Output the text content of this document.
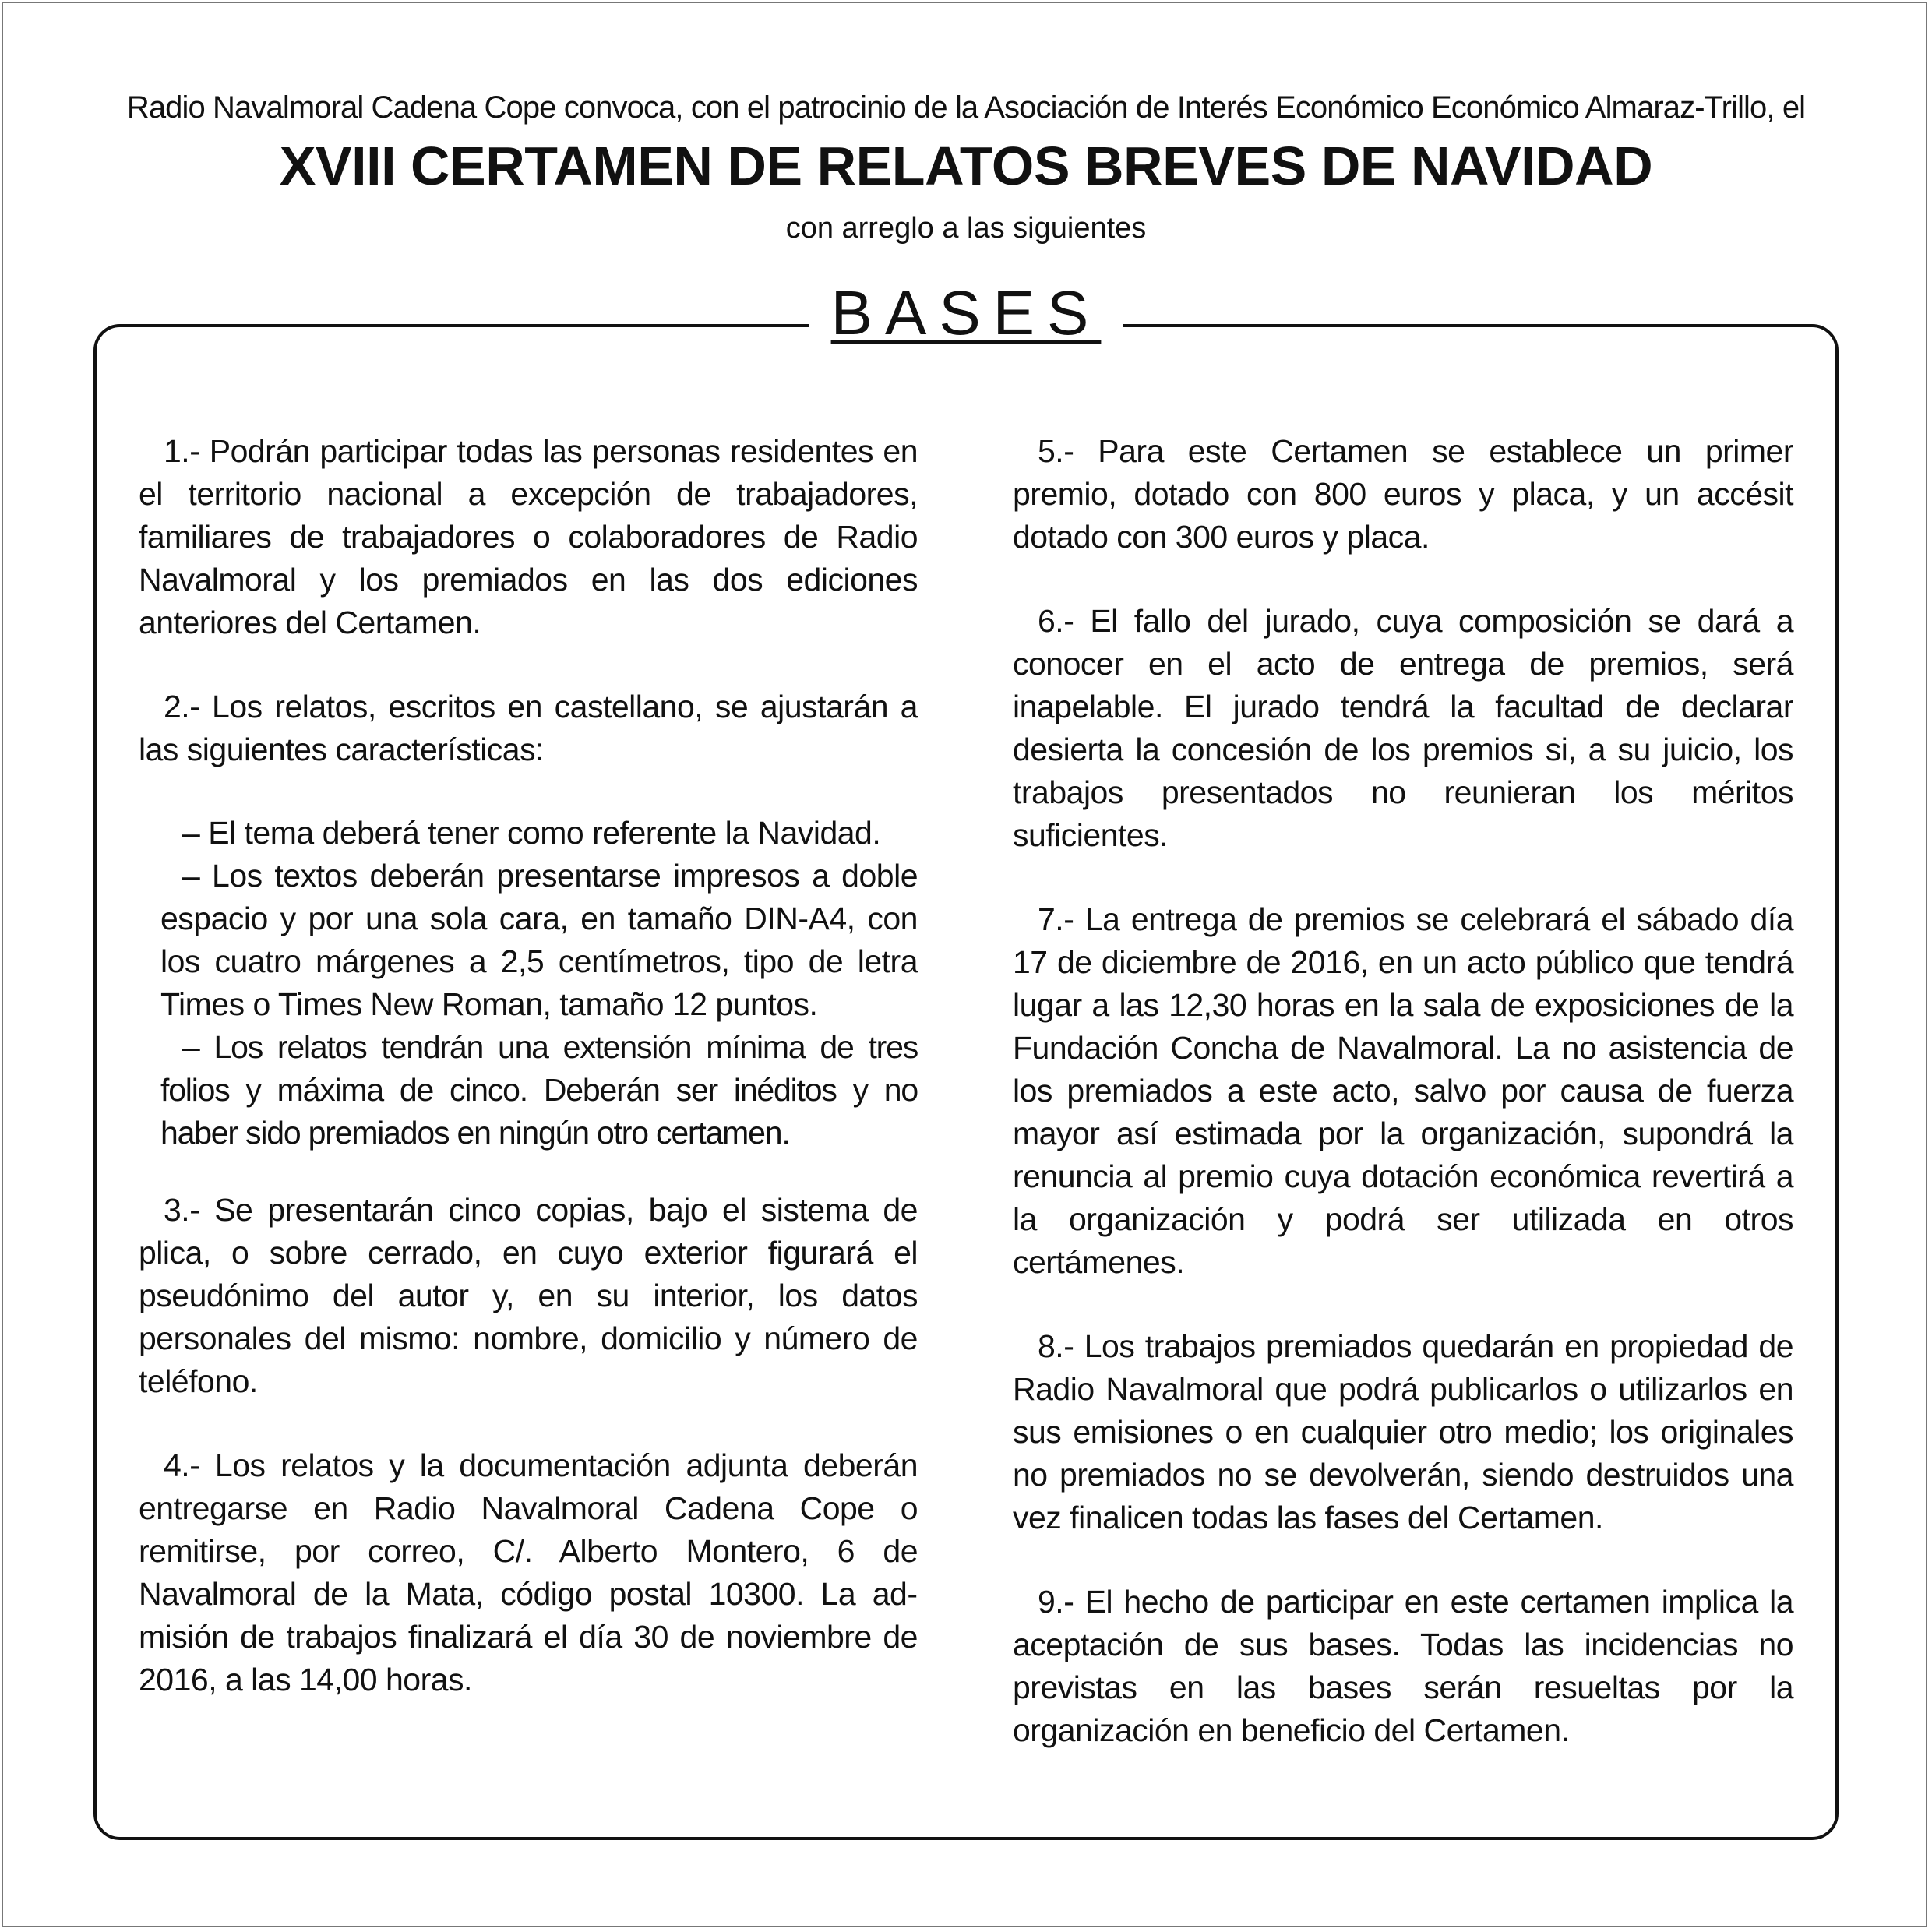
Radio Navalmoral Cadena Cope convoca, con el patrocinio de la Asociación de Interés Económico Económico Almaraz-Trillo, el
XVIII CERTAMEN DE RELATOS BREVES DE NAVIDAD
con arreglo a las siguientes
BASES

1.- Podrán participar todas las personas residentes en el territorio nacional a excepción de trabajadores, familiares de trabajadores o colaboradores de Radio Navalmoral y los premiados en las dos ediciones anteriores del Certamen.

2.- Los relatos, escritos en castellano, se ajustarán a las siguientes características:

– El tema deberá tener como referente la Navidad.

– Los textos deberán presentarse impresos a doble espacio y por una sola cara, en tamaño DIN-A4, con los cuatro márgenes a 2,5 centímetros, tipo de letra Times o Times New Roman, tamaño 12 puntos.

– Los relatos tendrán una extensión mínima de tres folios y máxima de cinco. Deberán ser inéditos y no haber sido premiados en ningún otro certamen.

3.- Se presentarán cinco copias, bajo el sistema de plica, o sobre cerrado, en cuyo exterior figurará el pseudónimo del autor y, en su interior, los datos personales del mismo: nombre, domicilio y número de teléfono.

4.- Los relatos y la documentación adjunta deberán entregarse en Radio Navalmoral Cadena Cope o remitirse, por correo, C/. Alberto Montero, 6 de Navalmoral de la Mata, código postal 10300. La admisión de trabajos finalizará el día 30 de noviembre de 2016, a las 14,00 horas.

5.- Para este Certamen se establece un primer premio, dotado con 800 euros y placa, y un accésit dotado con 300 euros y placa.

6.- El fallo del jurado, cuya composición se dará a conocer en el acto de entrega de premios, será inapelable. El jurado tendrá la facultad de declarar desierta la concesión de los premios si, a su juicio, los trabajos presentados no reunieran los méritos suficientes.

7.- La entrega de premios se celebrará el sábado día 17 de diciembre de 2016, en un acto público que tendrá lugar a las 12,30 horas en la sala de exposiciones de la Fundación Concha de Navalmoral. La no asistencia de los premiados a este acto, salvo por causa de fuerza mayor así estimada por la organización, supondrá la renuncia al premio cuya dotación económica revertirá a la organización y podrá ser utilizada en otros certámenes.

8.- Los trabajos premiados quedarán en propiedad de Radio Navalmoral que podrá publicarlos o utilizarlos en sus emisiones o en cualquier otro medio; los originales no premiados no se devolverán, siendo destruidos una vez finalicen todas las fases del Certamen.

9.- El hecho de participar en este certamen implica la aceptación de sus bases. Todas las incidencias no previstas en las bases serán resueltas por la organización en beneficio del Certamen.
